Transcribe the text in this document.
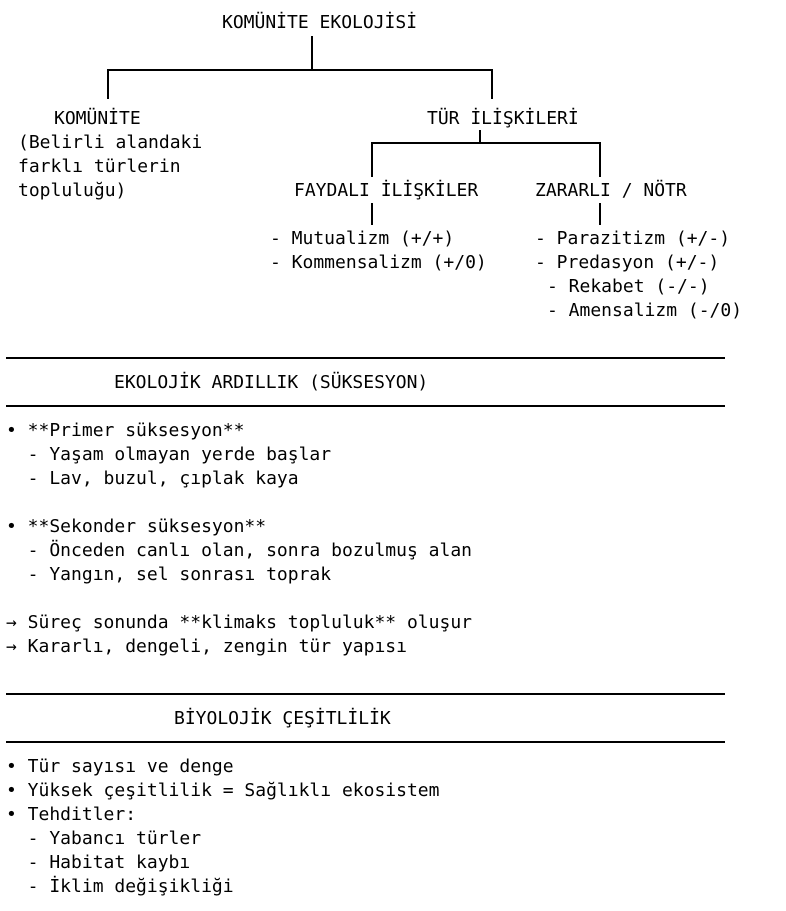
KOMÜNİTE EKOLOJİSİ
KOMÜNİTE
(Belirli alandaki
farklı türlerin
topluluğu)
TÜR İLİŞKİLERİ
FAYDALI İLİŞKİLER	ZARARLI / NÖTR
- Mutualizm (+/+)
- Kommensalizm (+/0)
- Parazitizm (+/-)
- Predasyon (+/-)
- Rekabet (-/-)
- Amensalizm (-/0)
EKOLOJİK ARDILLIK (SÜKSESYON)
• **Primer süksesyon**
- Yaşam olmayan yerde başlar
- Lav, buzul, çıplak kaya
• **Sekonder süksesyon**
- Önceden canlı olan, sonra bozulmuş alan
- Yangın, sel sonrası toprak
→ Süreç sonunda **klimaks topluluk** oluşur
→ Kararlı, dengeli, zengin tür yapısı
BİYOLOJİK ÇEŞİTLİLİK
• Tür sayısı ve denge
• Yüksek çeşitlilik = Sağlıklı ekosistem
• Tehditler:
- Yabancı türler
- Habitat kaybı
- İklim değişikliği
